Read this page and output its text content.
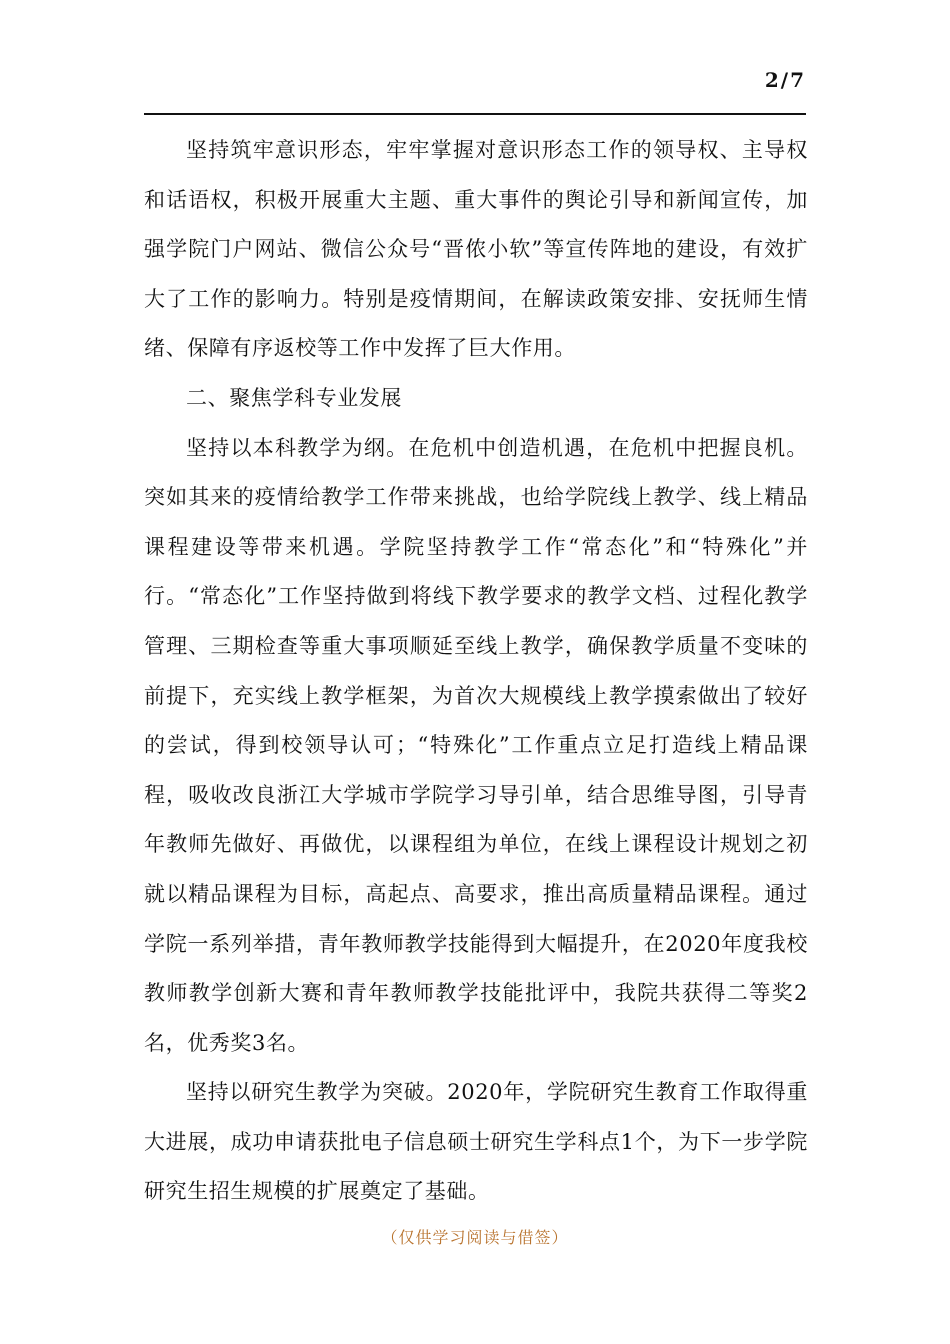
2/7

坚持筑牢意识形态，牢牢掌握对意识形态工作的领导权、主导权和话语权，积极开展重大主题、重大事件的舆论引导和新闻宣传，加强学院门户网站、微信公众号“晋侬小软”等宣传阵地的建设，有效扩大了工作的影响力。特别是疫情期间，在解读政策安排、安抚师生情绪、保障有序返校等工作中发挥了巨大作用。

二、聚焦学科专业发展

坚持以本科教学为纲。在危机中创造机遇，在危机中把握良机。突如其来的疫情给教学工作带来挑战，也给学院线上教学、线上精品课程建设等带来机遇。学院坚持教学工作“常态化”和“特殊化”并行。“常态化”工作坚持做到将线下教学要求的教学文档、过程化教学管理、三期检查等重大事项顺延至线上教学，确保教学质量不变味的前提下，充实线上教学框架，为首次大规模线上教学摸索做出了较好的尝试，得到校领导认可；“特殊化”工作重点立足打造线上精品课程，吸收改良浙江大学城市学院学习导引单，结合思维导图，引导青年教师先做好、再做优，以课程组为单位，在线上课程设计规划之初就以精品课程为目标，高起点、高要求，推出高质量精品课程。通过学院一系列举措，青年教师教学技能得到大幅提升，在2020年度我校教师教学创新大赛和青年教师教学技能批评中，我院共获得二等奖2名，优秀奖3名。

坚持以研究生教学为突破。2020年，学院研究生教育工作取得重大进展，成功申请获批电子信息硕士研究生学科点1个，为下一步学院研究生招生规模的扩展奠定了基础。

（仅供学习阅读与借签）
